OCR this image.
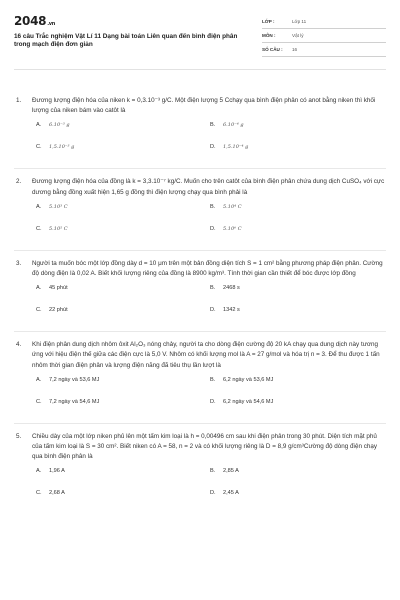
2048.vn
16 câu Trắc nghiệm Vật Lí 11 Dạng bài toán Liên quan đến bình điện phân trong mạch điện đơn giản
LỚP :	Lớp 11
MÔN :	Vật lý
SỐ CÂU :	16
1.	Đương lượng điện hóa của niken k = 0,3.10⁻³ g/C. Một điện lượng 5 Cchạy qua bình điện phân có anot bằng niken thì khối lượng của niken bám vào catôt là
A.	6.10⁻³ g	B.	6.10⁻⁴ g
C.	1,5.10⁻³ g	D.	1,5.10⁻⁴ g
2.	Đương lượng điện hóa của đồng là k = 3,3.10⁻⁷ kg/C. Muốn cho trên catôt của bình điện phân chứa dung dịch CuSO₄ với cực dương bằng đồng xuất hiện 1,65 g đồng thì điện lượng chạy qua bình phải là
A.	5.10³ C	B.	5.10⁴ C
C.	5.10⁵ C	D.	5.10⁶ C
3.	Người ta muốn bóc một lớp đồng dày d = 10 μm trên một bản đồng diện tích S = 1 cm² bằng phương pháp điện phân. Cường độ dòng điện là 0,02 A. Biết khối lượng riêng của đồng là 8900 kg/m³. Tính thời gian cần thiết để bóc được lớp đồng
A.	45 phút	B.	2468 s
C.	22 phút	D.	1342 s
4.	Khi điện phân dung dịch nhôm ôxit Al₂O₃ nóng chảy, người ta cho dòng điện cường độ 20 kA chạy qua dung dịch này tương ứng với hiệu điện thế giữa các điện cực là 5,0 V. Nhôm có khối lượng mol là A = 27 g/mol và hóa trị n = 3. Để thu được 1 tấn nhôm thời gian điện phân và lượng điện năng đã tiêu thụ lần lượt là
A.	7,2 ngày và 53,6 MJ	B.	6,2 ngày và 53,6 MJ
C.	7,2 ngày và 54,6 MJ	D.	6,2 ngày và 54,6 MJ
5.	Chiều dày của một lớp niken phủ lên một tấm kim loại là h = 0,00496 cm sau khi điện phân trong 30 phút. Diện tích mặt phủ của tấm kim loại là S = 30 cm². Biết niken có A = 58, n = 2 và có khối lượng riêng là D = 8,9 g/cm³Cường độ dòng điện chạy qua bình điện phân là
A.	1,96 A	B.	2,85 A
C.	2,68 A	D.	2,45 A
